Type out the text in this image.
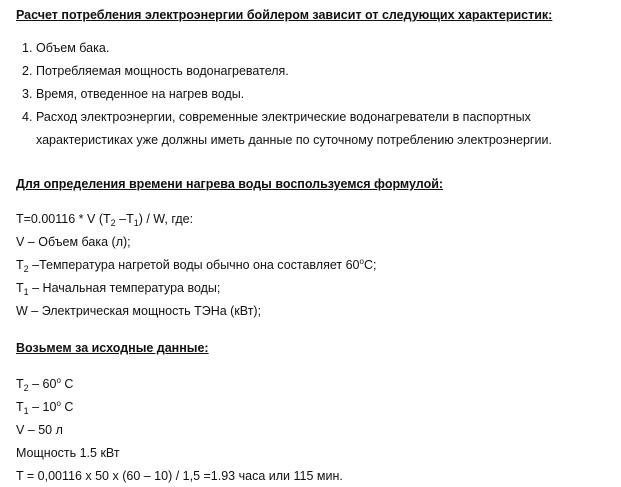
Расчет потребления электроэнергии бойлером зависит от следующих характеристик:
1. Объем бака.
2. Потребляемая мощность водонагревателя.
3. Время, отведенное на нагрев воды.
4. Расход электроэнергии, современные электрические водонагреватели в паспортных
характеристиках уже должны иметь данные по суточному потреблению электроэнергии.
Для определения времени нагрева воды воспользуемся формулой:
T=0.00116 * V ($T_2$ $-T_1$) / W, где:
V – Объем бака (л);
$T_2$ –Температура нагретой воды обычно она составляет 60$^o$С;
$T_1$ – Начальная температура воды;
W – Электрическая мощность ТЭНа (кВт);
Возьмем за исходные данные:
$T_2 - 60^o$ С
$T_1 - 10^o$ С
V – 50 л
Мощность 1.5 кВт
T = 0,00116 x 50 x (60 – 10) / 1,5 =1.93 часа или 115 мин.
